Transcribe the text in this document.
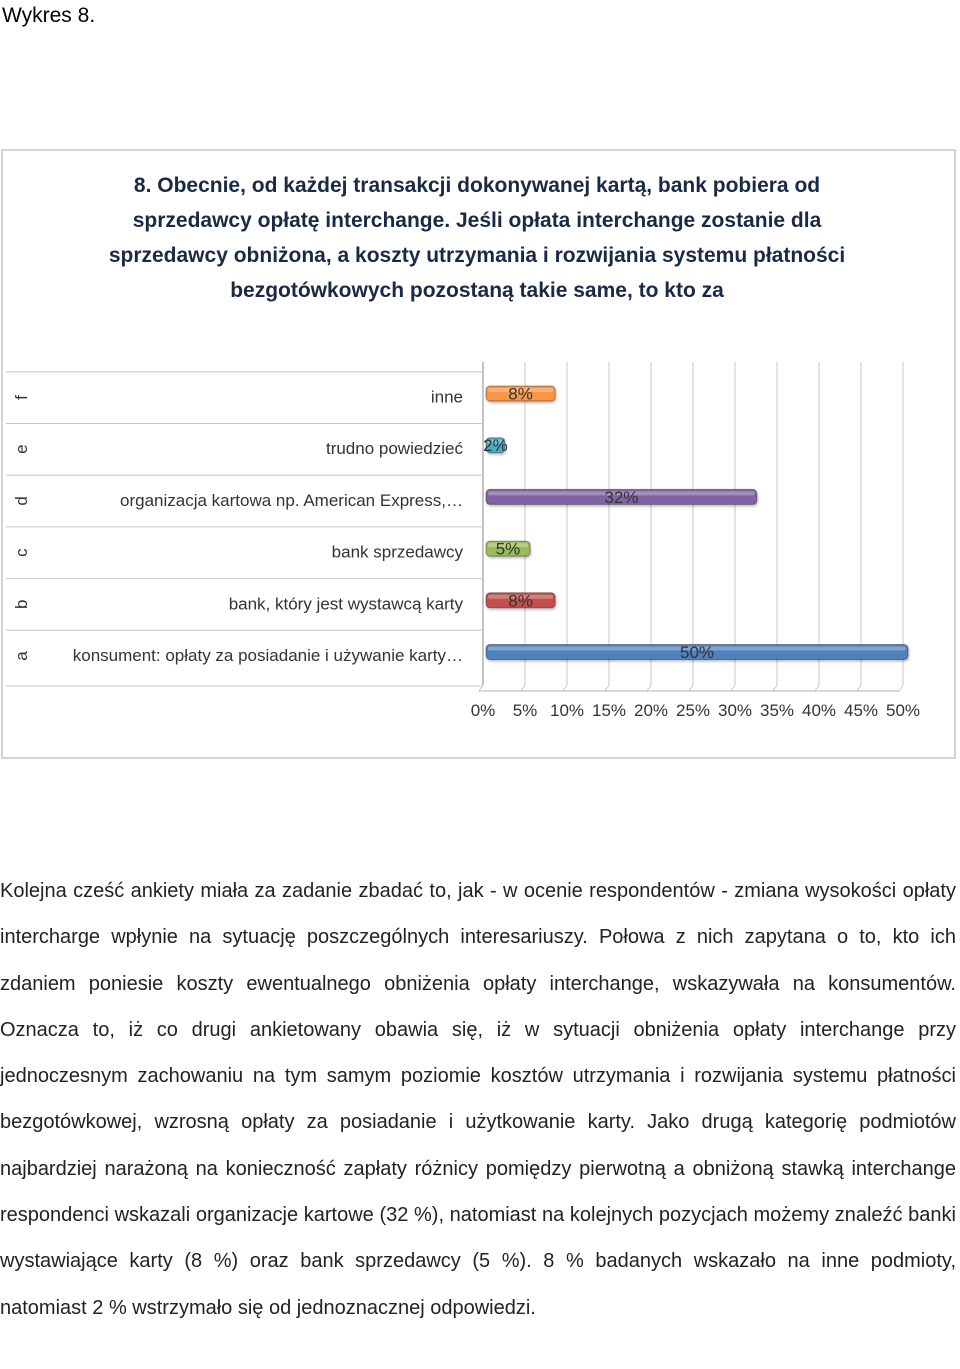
Wykres 8.
8. Obecnie, od każdej transakcji dokonywanej kartą, bank pobiera od sprzedawcy opłatę interchange. Jeśli opłata interchange zostanie dla sprzedawcy obniżona, a koszty utrzymania i rozwijania systemu płatności bezgotówkowych pozostaną takie same, to kto za
a konsument: opłaty za posiadanie i używanie karty…
b	bank, który jest wystawcą karty
c	bank sprzedawcy
d	organizacja kartowa np. American Express,…
e	trudno powiedzieć
f	inne
50%
8%
5%
32%
2%
8%
0% 5% 10% 15% 20% 25% 30% 35% 40% 45% 50%
Kolejna cześć ankiety miała za zadanie zbadać to, jak - w ocenie respondentów - zmiana wysokości opłaty intercharge wpłynie na sytuację poszczególnych interesariuszy. Połowa z nich zapytana o to, kto ich zdaniem poniesie koszty ewentualnego obniżenia opłaty interchange, wskazywała na konsumentów. Oznacza to, iż co drugi ankietowany obawia się, iż w sytuacji obniżenia opłaty interchange przy jednoczesnym zachowaniu na tym samym poziomie kosztów utrzymania i rozwijania systemu płatności bezgotówkowej, wzrosną opłaty za posiadanie i użytkowanie karty. Jako drugą kategorię podmiotów najbardziej narażoną na konieczność zapłaty różnicy pomiędzy pierwotną a obniżoną stawką interchange respondenci wskazali organizacje kartowe (32 %), natomiast na kolejnych pozycjach możemy znaleźć banki wystawiające karty (8 %) oraz bank sprzedawcy (5 %). 8 % badanych wskazało na inne podmioty, natomiast 2 % wstrzymało się od jednoznacznej odpowiedzi.
